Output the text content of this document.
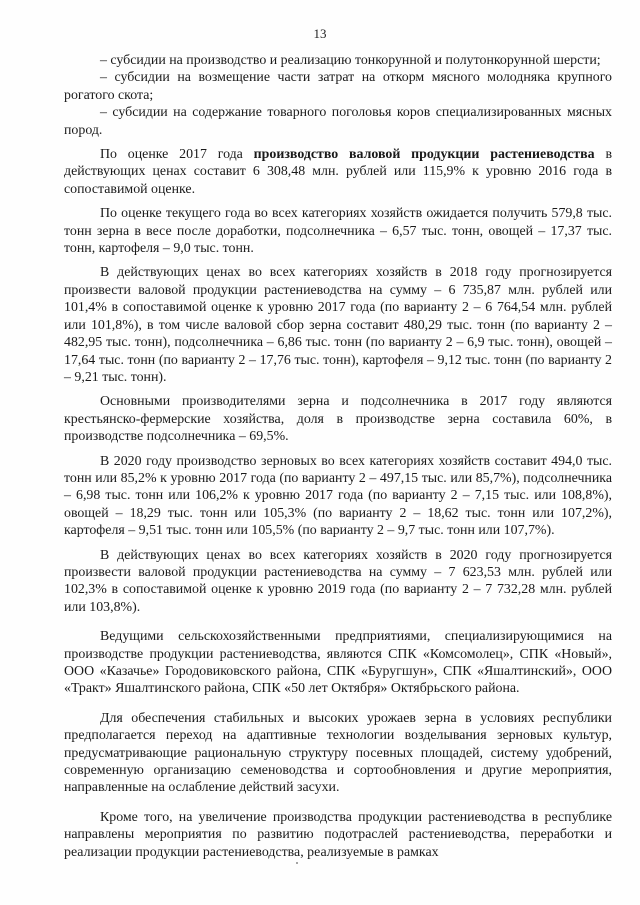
13

– субсидии на производство и реализацию тонкорунной и полутонкорунной шерсти;

– субсидии на возмещение части затрат на откорм мясного молодняка крупного рогатого скота;

– субсидии на содержание товарного поголовья коров специализированных мясных пород.

По оценке 2017 года производство валовой продукции растениеводства в действующих ценах составит 6 308,48 млн. рублей или 115,9% к уровню 2016 года в сопоставимой оценке.

По оценке текущего года во всех категориях хозяйств ожидается получить 579,8 тыс. тонн зерна в весе после доработки, подсолнечника – 6,57 тыс. тонн, овощей – 17,37 тыс. тонн, картофеля – 9,0 тыс. тонн.

В действующих ценах во всех категориях хозяйств в 2018 году прогнозируется произвести валовой продукции растениеводства на сумму – 6 735,87 млн. рублей или 101,4% в сопоставимой оценке к уровню 2017 года (по варианту 2 – 6 764,54 млн. рублей или 101,8%), в том числе валовой сбор зерна составит 480,29 тыс. тонн (по варианту 2 – 482,95 тыс. тонн), подсолнечника – 6,86 тыс. тонн (по варианту 2 – 6,9 тыс. тонн), овощей – 17,64 тыс. тонн (по варианту 2 – 17,76 тыс. тонн), картофеля – 9,12 тыс. тонн (по варианту 2 – 9,21 тыс. тонн).

Основными производителями зерна и подсолнечника в 2017 году являются крестьянско-фермерские хозяйства, доля в производстве зерна составила 60%, в производстве подсолнечника – 69,5%.

В 2020 году производство зерновых во всех категориях хозяйств составит 494,0 тыс. тонн или 85,2% к уровню 2017 года (по варианту 2 – 497,15 тыс. или 85,7%), подсолнечника – 6,98 тыс. тонн или 106,2% к уровню 2017 года (по варианту 2 – 7,15 тыс. или 108,8%), овощей – 18,29 тыс. тонн или 105,3% (по варианту 2 – 18,62 тыс. тонн или 107,2%), картофеля – 9,51 тыс. тонн или 105,5% (по варианту 2 – 9,7 тыс. тонн или 107,7%).

В действующих ценах во всех категориях хозяйств в 2020 году прогнозируется произвести валовой продукции растениеводства на сумму – 7 623,53 млн. рублей или 102,3% в сопоставимой оценке к уровню 2019 года (по варианту 2 – 7 732,28 млн. рублей или 103,8%).

Ведущими сельскохозяйственными предприятиями, специализирующимися на производстве продукции растениеводства, являются СПК «Комсомолец», СПК «Новый», ООО «Казачье» Городовиковского района, СПК «Буругшун», СПК «Яшалтинский», ООО «Тракт» Яшалтинского района, СПК «50 лет Октября» Октябрьского района.

Для обеспечения стабильных и высоких урожаев зерна в условиях республики предполагается переход на адаптивные технологии возделывания зерновых культур, предусматривающие рациональную структуру посевных площадей, систему удобрений, современную организацию семеноводства и сортообновления и другие мероприятия, направленные на ослабление действий засухи.

Кроме того, на увеличение производства продукции растениеводства в республике направлены мероприятия по развитию подотраслей растениеводства, переработки и реализации продукции растениеводства, реализуемые в рамках
